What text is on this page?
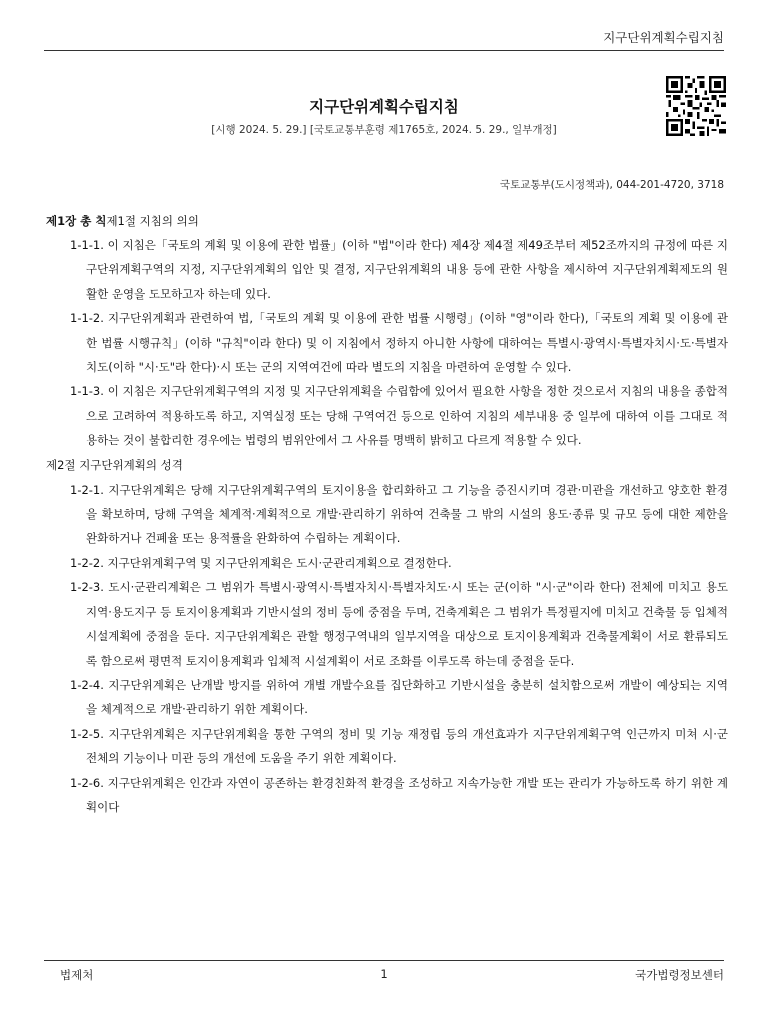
지구단위계획수립지침
지구단위계획수립지침
[시행 2024. 5. 29.] [국토교통부훈령 제1765호, 2024. 5. 29., 일부개정]
국토교통부(도시정책과), 044-201-4720, 3718
제1장 총 칙제1절 지침의 의의
1-1-1. 이 지침은「국토의 계획 및 이용에 관한 법률」(이하 "법"이라 한다) 제4장 제4절 제49조부터 제52조까지의 규정에 따른 지구단위계획구역의 지정, 지구단위계획의 입안 및 결정, 지구단위계획의 내용 등에 관한 사항을 제시하여 지구단위계획제도의 원활한 운영을 도모하고자 하는데 있다.
1-1-2. 지구단위계획과 관련하여 법,「국토의 계획 및 이용에 관한 법률 시행령」(이하 "영"이라 한다),「국토의 계획 및 이용에 관한 법률 시행규칙」(이하 "규칙"이라 한다) 및 이 지침에서 정하지 아니한 사항에 대하여는 특별시·광역시·특별자치시·도·특별자치도(이하 "시·도"라 한다)·시 또는 군의 지역여건에 따라 별도의 지침을 마련하여 운영할 수 있다.
1-1-3. 이 지침은 지구단위계획구역의 지정 및 지구단위계획을 수립함에 있어서 필요한 사항을 정한 것으로서 지침의 내용을 종합적으로 고려하여 적용하도록 하고, 지역실정 또는 당해 구역여건 등으로 인하여 지침의 세부내용 중 일부에 대하여 이를 그대로 적용하는 것이 불합리한 경우에는 법령의 범위안에서 그 사유를 명백히 밝히고 다르게 적용할 수 있다.
제2절 지구단위계획의 성격
1-2-1. 지구단위계획은 당해 지구단위계획구역의 토지이용을 합리화하고 그 기능을 증진시키며 경관·미관을 개선하고 양호한 환경을 확보하며, 당해 구역을 체계적·계획적으로 개발·관리하기 위하여 건축물 그 밖의 시설의 용도·종류 및 규모 등에 대한 제한을 완화하거나 건폐율 또는 용적률을 완화하여 수립하는 계획이다.
1-2-2. 지구단위계획구역 및 지구단위계획은 도시·군관리계획으로 결정한다.
1-2-3. 도시·군관리계획은 그 범위가 특별시·광역시·특별자치시·특별자치도·시 또는 군(이하 "시·군"이라 한다) 전체에 미치고 용도지역·용도지구 등 토지이용계획과 기반시설의 정비 등에 중점을 두며, 건축계획은 그 범위가 특정필지에 미치고 건축물 등 입체적 시설계획에 중점을 둔다. 지구단위계획은 관할 행정구역내의 일부지역을 대상으로 토지이용계획과 건축물계획이 서로 환류되도록 함으로써 평면적 토지이용계획과 입체적 시설계획이 서로 조화를 이루도록 하는데 중점을 둔다.
1-2-4. 지구단위계획은 난개발 방지를 위하여 개별 개발수요를 집단화하고 기반시설을 충분히 설치함으로써 개발이 예상되는 지역을 체계적으로 개발·관리하기 위한 계획이다.
1-2-5. 지구단위계획은 지구단위계획을 통한 구역의 정비 및 기능 재정립 등의 개선효과가 지구단위계획구역 인근까지 미쳐 시·군 전체의 기능이나 미관 등의 개선에 도움을 주기 위한 계획이다.
1-2-6. 지구단위계획은 인간과 자연이 공존하는 환경친화적 환경을 조성하고 지속가능한 개발 또는 관리가 가능하도록 하기 위한 계획이다
법제처	1	국가법령정보센터
